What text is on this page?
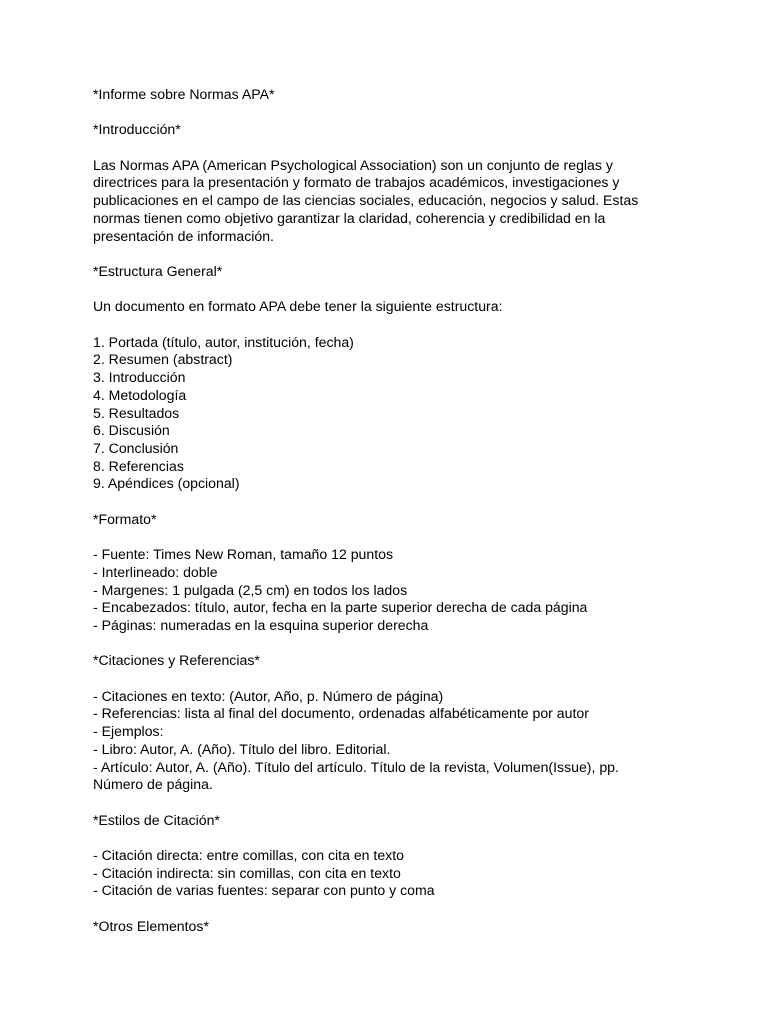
*Informe sobre Normas APA*

*Introducción*

Las Normas APA (American Psychological Association) son un conjunto de reglas y

directrices para la presentación y formato de trabajos académicos, investigaciones y

publicaciones en el campo de las ciencias sociales, educación, negocios y salud. Estas

normas tienen como objetivo garantizar la claridad, coherencia y credibilidad en la

presentación de información.

*Estructura General*

Un documento en formato APA debe tener la siguiente estructura:

1. Portada (título, autor, institución, fecha)

2. Resumen (abstract)

3. Introducción

4. Metodología

5. Resultados

6. Discusión

7. Conclusión

8. Referencias

9. Apéndices (opcional)

*Formato*

- Fuente: Times New Roman, tamaño 12 puntos

- Interlineado: doble

- Margenes: 1 pulgada (2,5 cm) en todos los lados

- Encabezados: título, autor, fecha en la parte superior derecha de cada página

- Páginas: numeradas en la esquina superior derecha

*Citaciones y Referencias*

- Citaciones en texto: (Autor, Año, p. Número de página)

- Referencias: lista al final del documento, ordenadas alfabéticamente por autor

- Ejemplos:

- Libro: Autor, A. (Año). Título del libro. Editorial.

- Artículo: Autor, A. (Año). Título del artículo. Título de la revista, Volumen(Issue), pp.

Número de página.

*Estilos de Citación*

- Citación directa: entre comillas, con cita en texto

- Citación indirecta: sin comillas, con cita en texto

- Citación de varias fuentes: separar con punto y coma

*Otros Elementos*
